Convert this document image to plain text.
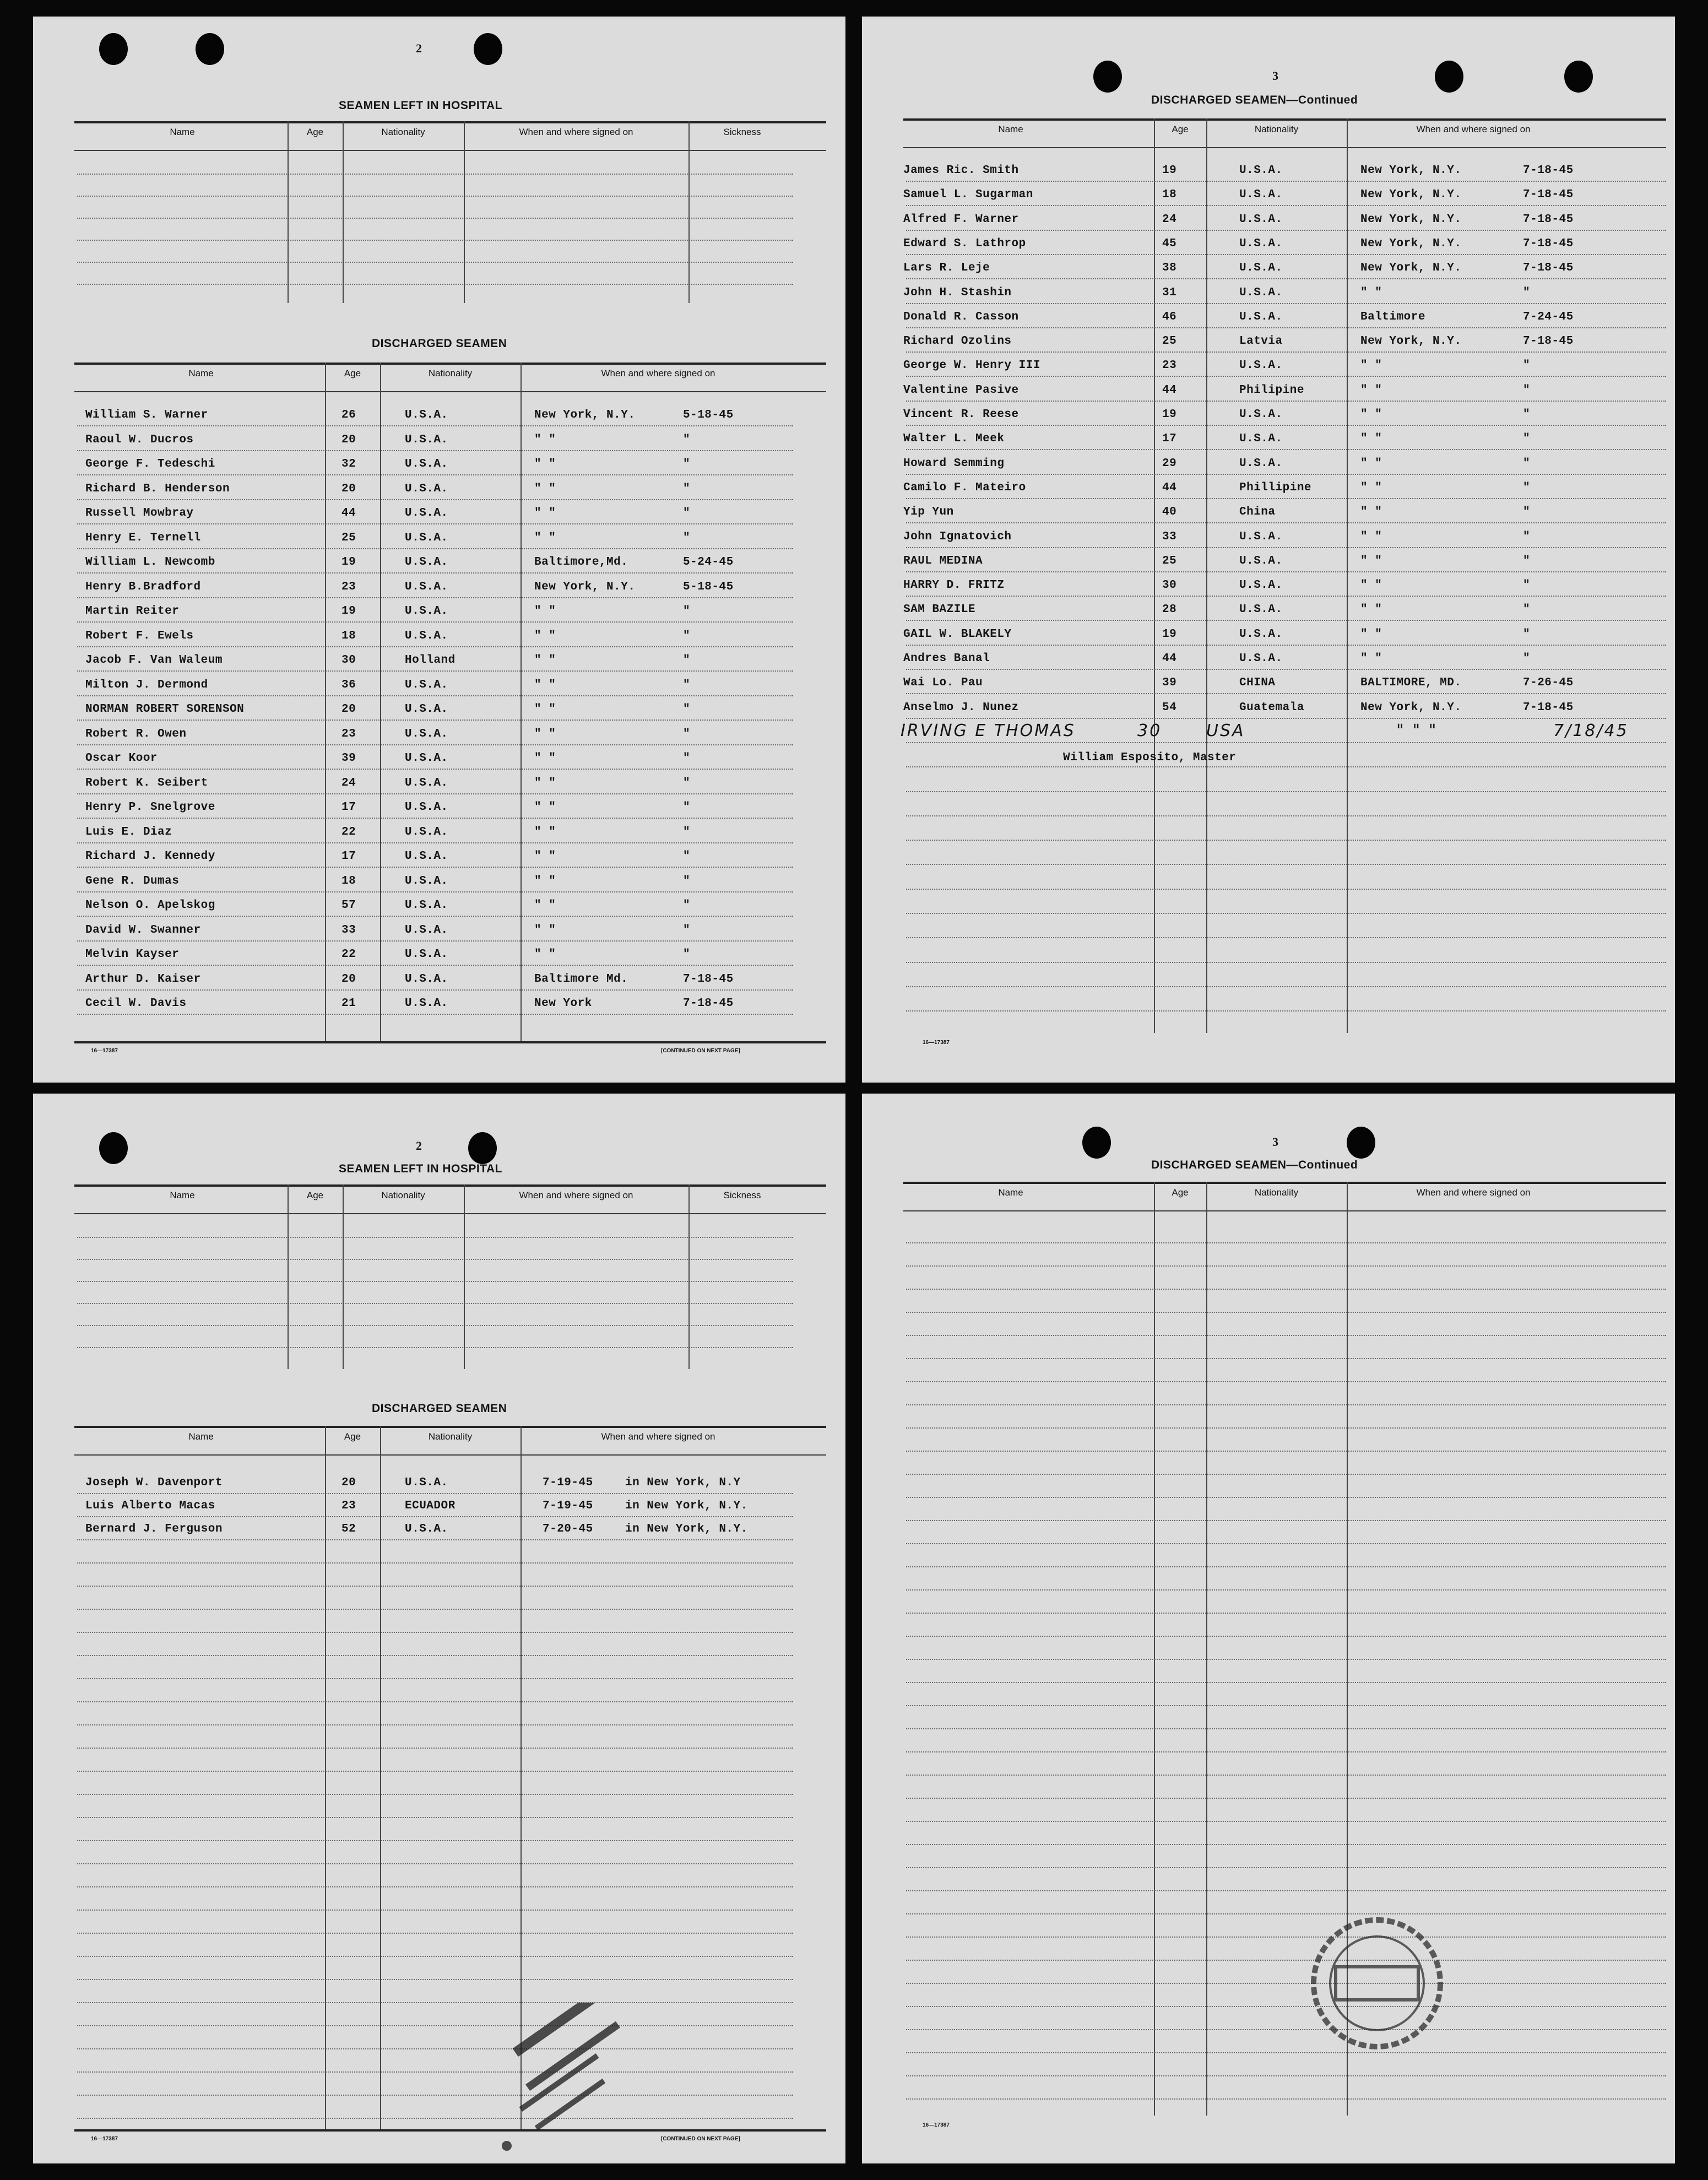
2
SEAMEN LEFT IN HOSPITAL
Name	Age	Nationality	When and where signed on	Sickness
DISCHARGED SEAMEN
Name	Age	Nationality	When and where signed on
William S. Warner	26	U.S.A.	New York, N.Y.	5-18-45
Raoul W. Ducros	20	U.S.A.	" "	"
George F. Tedeschi	32	U.S.A.	" "	"
Richard B. Henderson	20	U.S.A.	" "	"
Russell Mowbray	44	U.S.A.	" "	"
Henry E. Ternell	25	U.S.A.	" "	"
William L. Newcomb	19	U.S.A.	Baltimore,Md.	5-24-45
Henry B.Bradford	23	U.S.A.	New York, N.Y.	5-18-45
Martin Reiter	19	U.S.A.	" "	"
Robert F. Ewels	18	U.S.A.	" "	"
Jacob F. Van Waleum	30	Holland	" "	"
Milton J. Dermond	36	U.S.A.	" "	"
NORMAN ROBERT SORENSON	20	U.S.A.	" "	"
Robert R. Owen	23	U.S.A.	" "	"
Oscar Koor	39	U.S.A.	" "	"
Robert K. Seibert	24	U.S.A.	" "	"
Henry P. Snelgrove	17	U.S.A.	" "	"
Luis E. Diaz	22	U.S.A.	" "	"
Richard J. Kennedy	17	U.S.A.	" "	"
Gene R. Dumas	18	U.S.A.	" "	"
Nelson O. Apelskog	57	U.S.A.	" "	"
David W. Swanner	33	U.S.A.	" "	"
Melvin Kayser	22	U.S.A.	" "	"
Arthur D. Kaiser	20	U.S.A.	Baltimore Md.	7-18-45
Cecil W. Davis	21	U.S.A.	New York	7-18-45
16—17387	[CONTINUED ON NEXT PAGE]
3
DISCHARGED SEAMEN—Continued
Name	Age	Nationality	When and where signed on
James Ric. Smith	19	U.S.A.	New York, N.Y.	7-18-45
Samuel L. Sugarman	18	U.S.A.	New York, N.Y.	7-18-45
Alfred F. Warner	24	U.S.A.	New York, N.Y.	7-18-45
Edward S. Lathrop	45	U.S.A.	New York, N.Y.	7-18-45
Lars R. Leje	38	U.S.A.	New York, N.Y.	7-18-45
John H. Stashin	31	U.S.A.	" "	"
Donald R. Casson	46	U.S.A.	Baltimore	7-24-45
Richard Ozolins	25	Latvia	New York, N.Y.	7-18-45
George W. Henry III	23	U.S.A.	" "	"
Valentine Pasive	44	Philipine	" "	"
Vincent R. Reese	19	U.S.A.	" "	"
Walter L. Meek	17	U.S.A.	" "	"
Howard Semming	29	U.S.A.	" "	"
Camilo F. Mateiro	44	Phillipine	" "	"
Yip Yun	40	China	" "	"
John Ignatovich	33	U.S.A.	" "	"
RAUL MEDINA	25	U.S.A.	" "	"
HARRY D. FRITZ	30	U.S.A.	" "	"
SAM BAZILE	28	U.S.A.	" "	"
GAIL W. BLAKELY	19	U.S.A.	" "	"
Andres Banal	44	U.S.A.	" "	"
Wai Lo. Pau	39	CHINA	BALTIMORE, MD.	7-26-45
Anselmo J. Nunez	54	Guatemala	New York, N.Y.	7-18-45
IRVING E THOMAS	30	USA	" " "	7/18/45
William Esposito, Master
16—17387
2
SEAMEN LEFT IN HOSPITAL
Name	Age	Nationality	When and where signed on	Sickness
DISCHARGED SEAMEN
Name	Age	Nationality	When and where signed on
Joseph W. Davenport	20	U.S.A.	7-19-45	in New York, N.Y
Luis Alberto Macas	23	ECUADOR	7-19-45	in New York, N.Y.
Bernard J. Ferguson	52	U.S.A.	7-20-45	in New York, N.Y.
16—17387	[CONTINUED ON NEXT PAGE]
3
DISCHARGED SEAMEN—Continued
Name	Age	Nationality	When and where signed on
16—17387
